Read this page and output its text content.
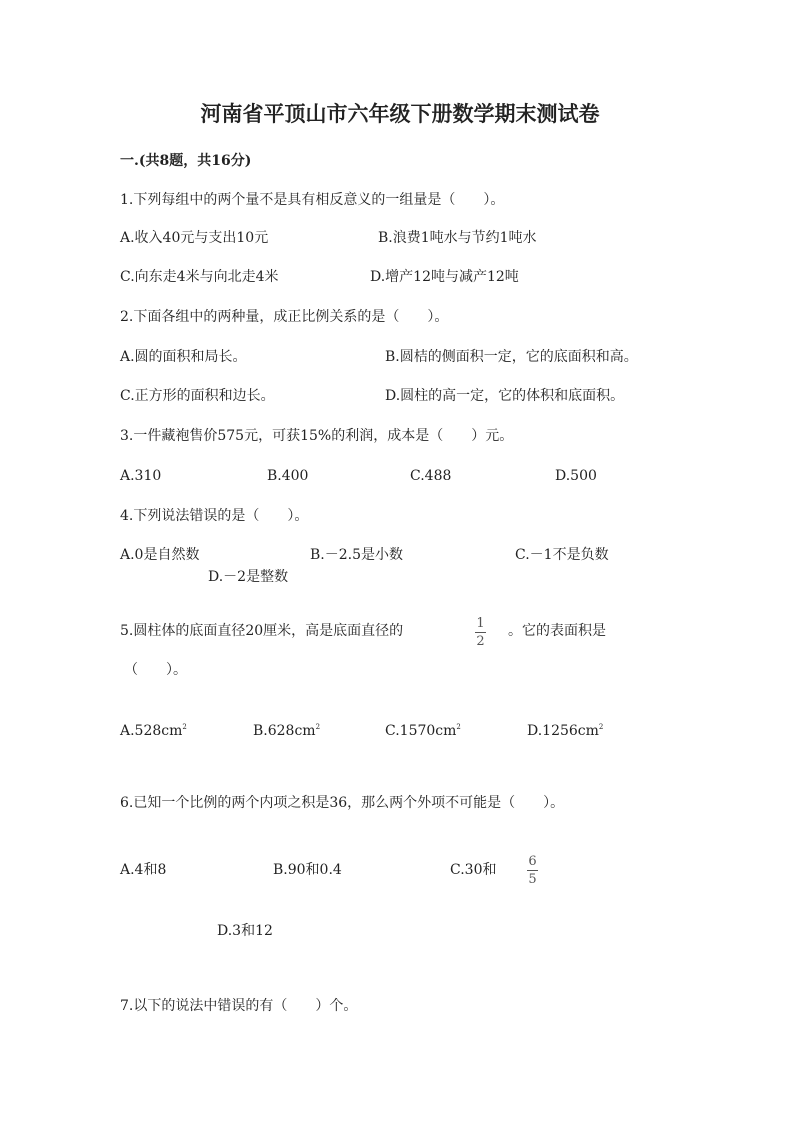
河南省平顶山市六年级下册数学期末测试卷
一.(共8题，共16分)
1.下列每组中的两个量不是具有相反意义的一组量是（　　）。
A.收入40元与支出10元	B.浪费1吨水与节约1吨水
C.向东走4米与向北走4米	D.增产12吨与减产12吨
2.下面各组中的两种量，成正比例关系的是（　　）。
A.圆的面积和局长。	B.圆桔的侧面积一定，它的底面积和高。
C.正方形的面积和边长。	D.圆柱的高一定，它的体积和底面积。
3.一件藏袍售价575元，可获15%的利润，成本是（　　）元。
A.310	B.400	C.488	D.500
4.下列说法错误的是（　　）。
A.0是自然数	B.－2.5是小数	C.－1不是负数
D.－2是整数
5.圆柱体的底面直径20厘米，高是底面直径的	1
2
。它的表面积是
（　　）。
$A.528cm^2$	$B.628cm^2$	$C.1570cm^2$	$D.1256cm^2$
6.已知一个比例的两个内项之积是36，那么两个外项不可能是（　　）。
A.4和8	B.90和0.4	C.30和
6
5
D.3和12
7.以下的说法中错误的有（　　）个。
